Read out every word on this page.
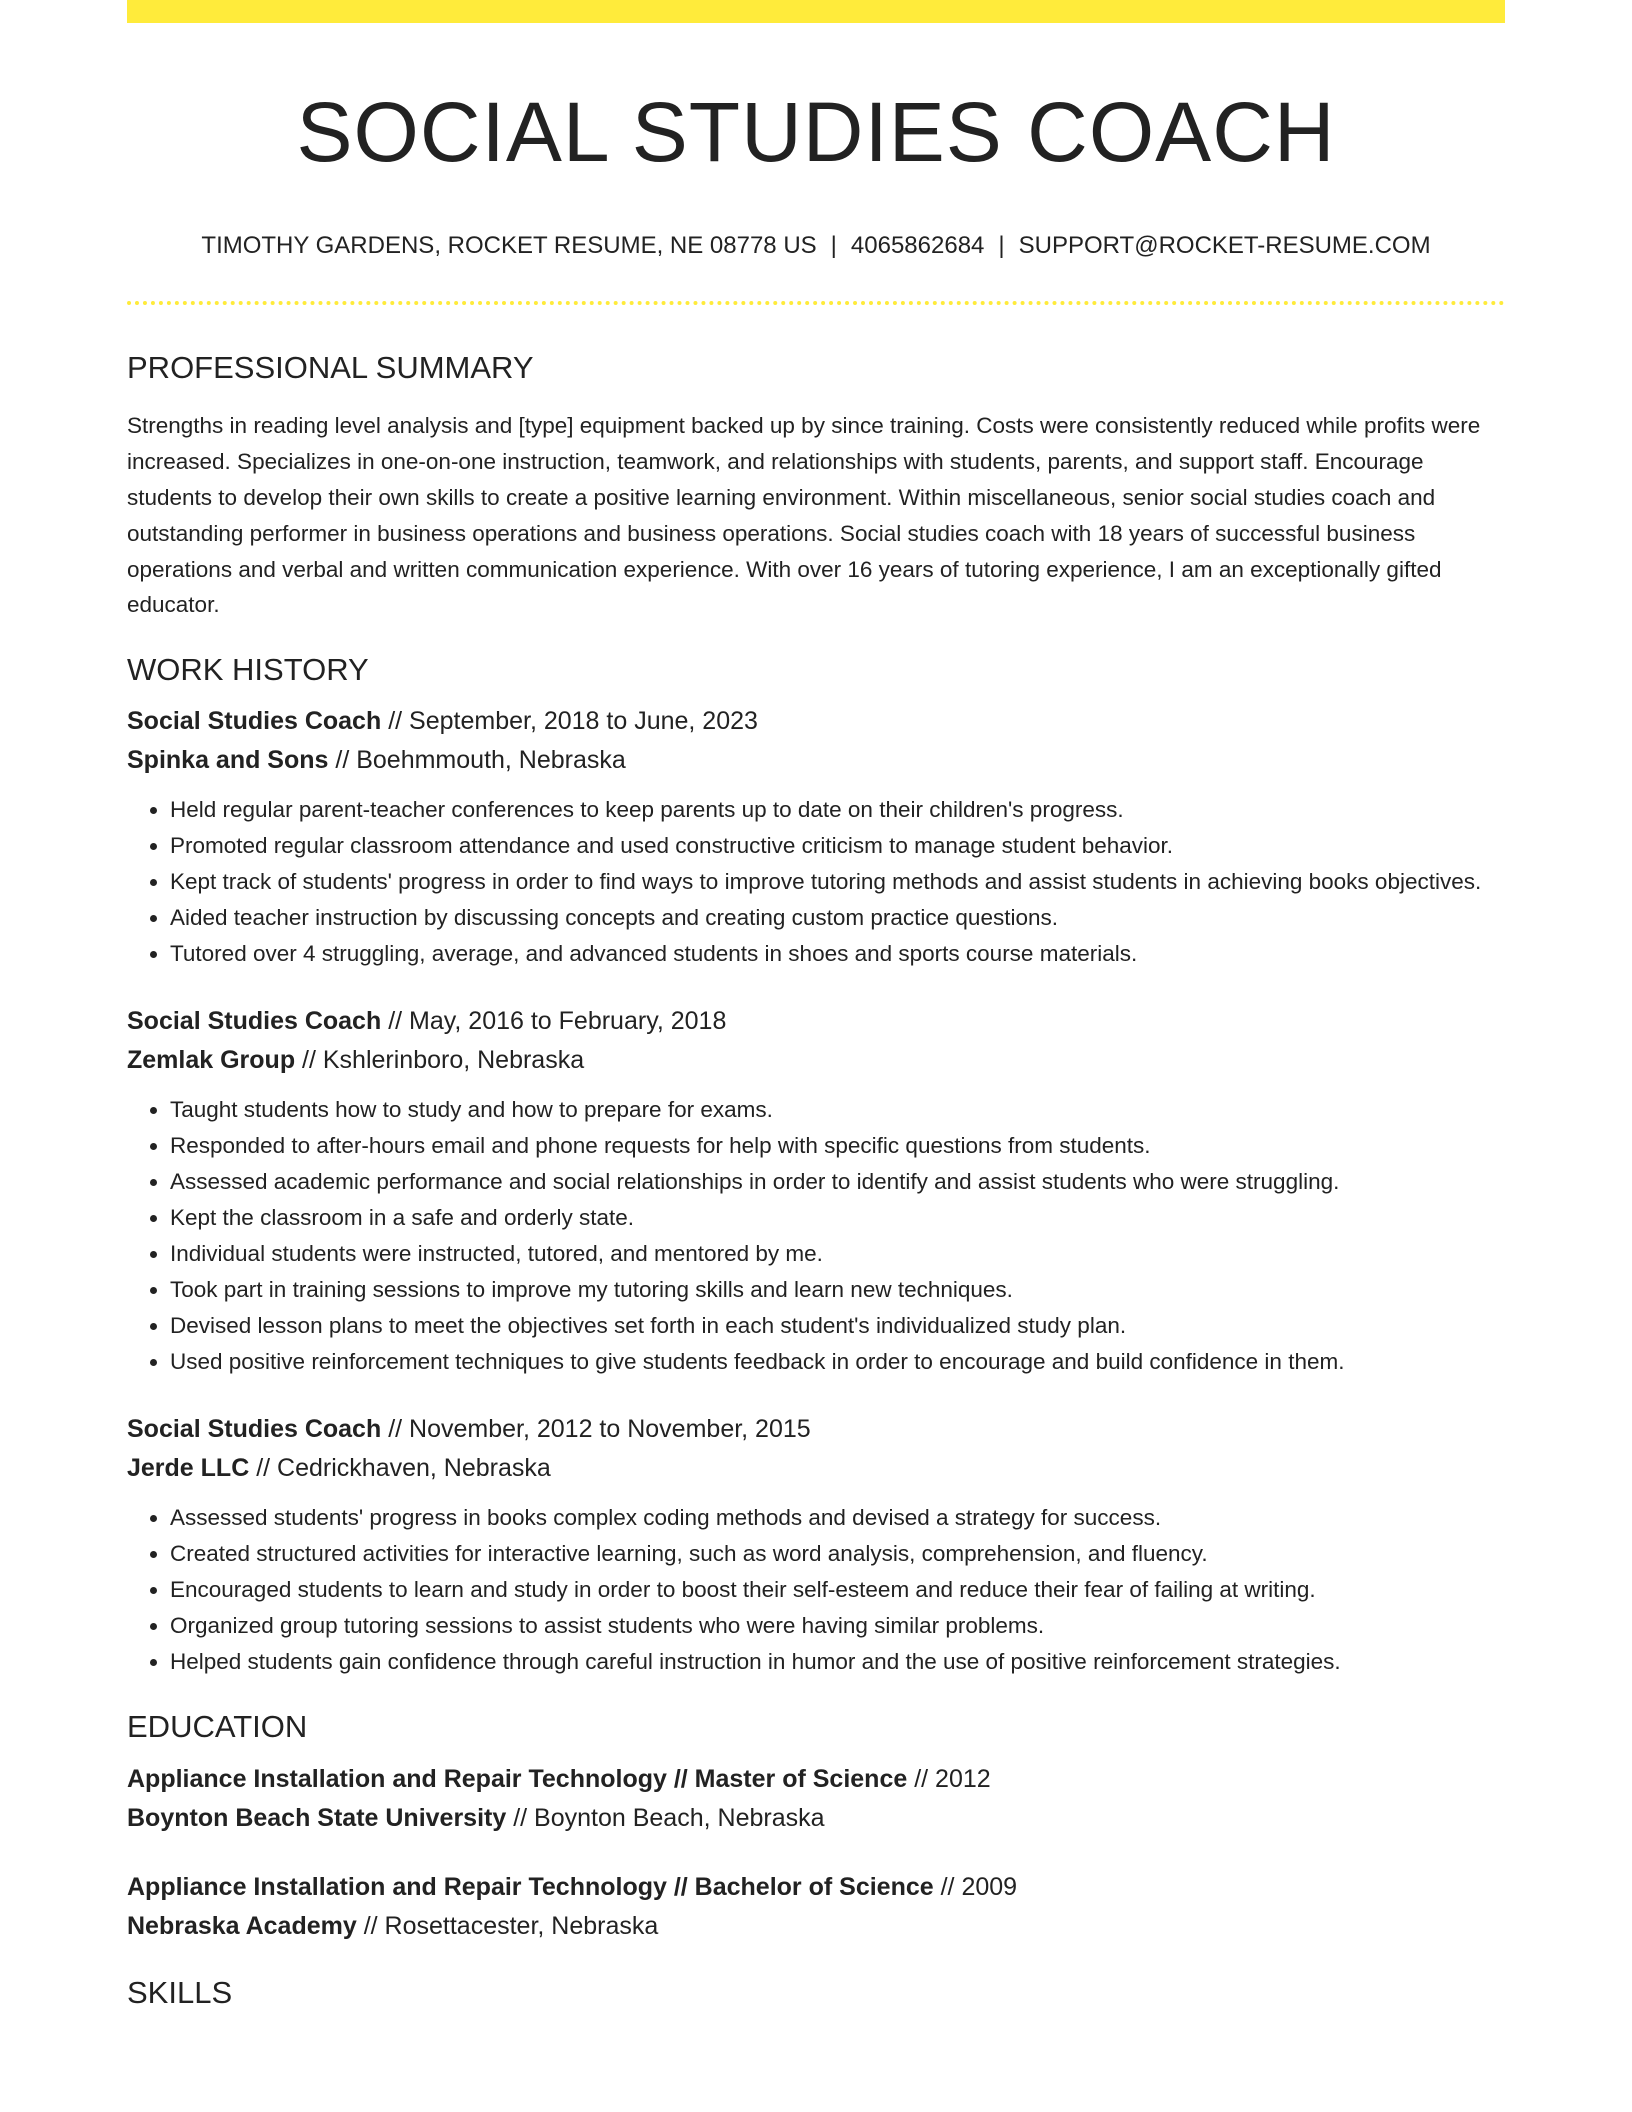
SOCIAL STUDIES COACH
TIMOTHY GARDENS, ROCKET RESUME, NE 08778 US | 4065862684 | SUPPORT@ROCKET-RESUME.COM
PROFESSIONAL SUMMARY
Strengths in reading level analysis and [type] equipment backed up by since training. Costs were consistently reduced while profits were increased. Specializes in one-on-one instruction, teamwork, and relationships with students, parents, and support staff. Encourage students to develop their own skills to create a positive learning environment. Within miscellaneous, senior social studies coach and outstanding performer in business operations and business operations. Social studies coach with 18 years of successful business operations and verbal and written communication experience. With over 16 years of tutoring experience, I am an exceptionally gifted educator.
WORK HISTORY
Social Studies Coach // September, 2018 to June, 2023
Spinka and Sons // Boehmmouth, Nebraska
• Held regular parent-teacher conferences to keep parents up to date on their children's progress.
• Promoted regular classroom attendance and used constructive criticism to manage student behavior.
• Kept track of students' progress in order to find ways to improve tutoring methods and assist students in achieving books objectives.
• Aided teacher instruction by discussing concepts and creating custom practice questions.
• Tutored over 4 struggling, average, and advanced students in shoes and sports course materials.
Social Studies Coach // May, 2016 to February, 2018
Zemlak Group // Kshlerinboro, Nebraska
• Taught students how to study and how to prepare for exams.
• Responded to after-hours email and phone requests for help with specific questions from students.
• Assessed academic performance and social relationships in order to identify and assist students who were struggling.
• Kept the classroom in a safe and orderly state.
• Individual students were instructed, tutored, and mentored by me.
• Took part in training sessions to improve my tutoring skills and learn new techniques.
• Devised lesson plans to meet the objectives set forth in each student's individualized study plan.
• Used positive reinforcement techniques to give students feedback in order to encourage and build confidence in them.
Social Studies Coach // November, 2012 to November, 2015
Jerde LLC // Cedrickhaven, Nebraska
• Assessed students' progress in books complex coding methods and devised a strategy for success.
• Created structured activities for interactive learning, such as word analysis, comprehension, and fluency.
• Encouraged students to learn and study in order to boost their self-esteem and reduce their fear of failing at writing.
• Organized group tutoring sessions to assist students who were having similar problems.
• Helped students gain confidence through careful instruction in humor and the use of positive reinforcement strategies.
EDUCATION
Appliance Installation and Repair Technology // Master of Science // 2012
Boynton Beach State University // Boynton Beach, Nebraska
Appliance Installation and Repair Technology // Bachelor of Science // 2009
Nebraska Academy // Rosettacester, Nebraska
SKILLS
